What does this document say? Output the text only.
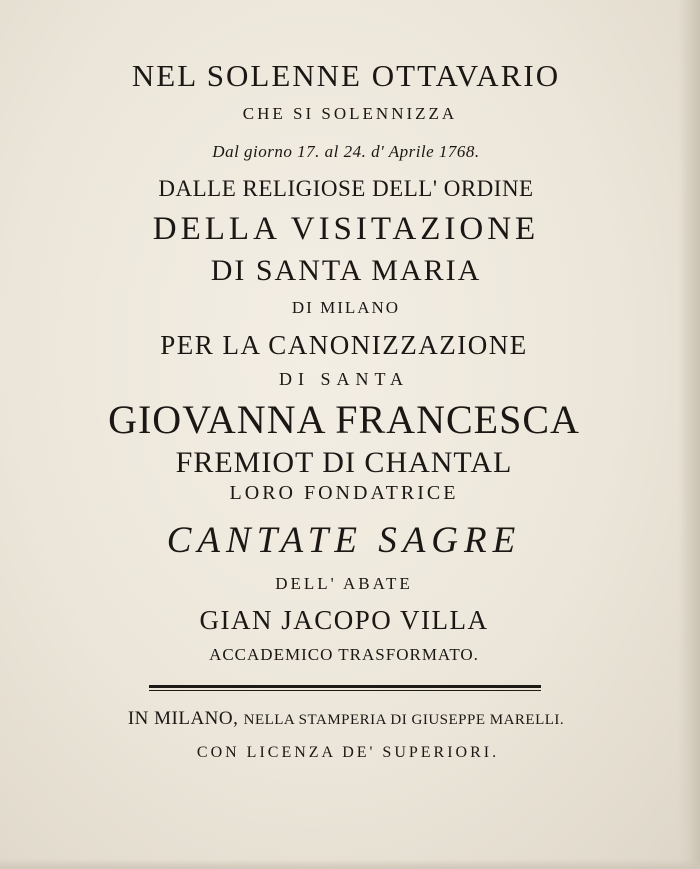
NEL SOLENNE OTTAVARIO
CHE SI SOLENNIZZA
Dal giorno 17. al 24. d' Aprile 1768.
DALLE RELIGIOSE DELL' ORDINE
DELLA VISITAZIONE
DI SANTA MARIA
DI MILANO
PER LA CANONIZZAZIONE
DI SANTA
GIOVANNA FRANCESCA
FREMIOT DI CHANTAL
LORO FONDATRICE
CANTATE SAGRE
DELL' ABATE
GIAN JACOPO VILLA
ACCADEMICO TRASFORMATO.
IN MILANO, NELLA STAMPERIA DI GIUSEPPE MARELLI.
CON LICENZA DE' SUPERIORI.
